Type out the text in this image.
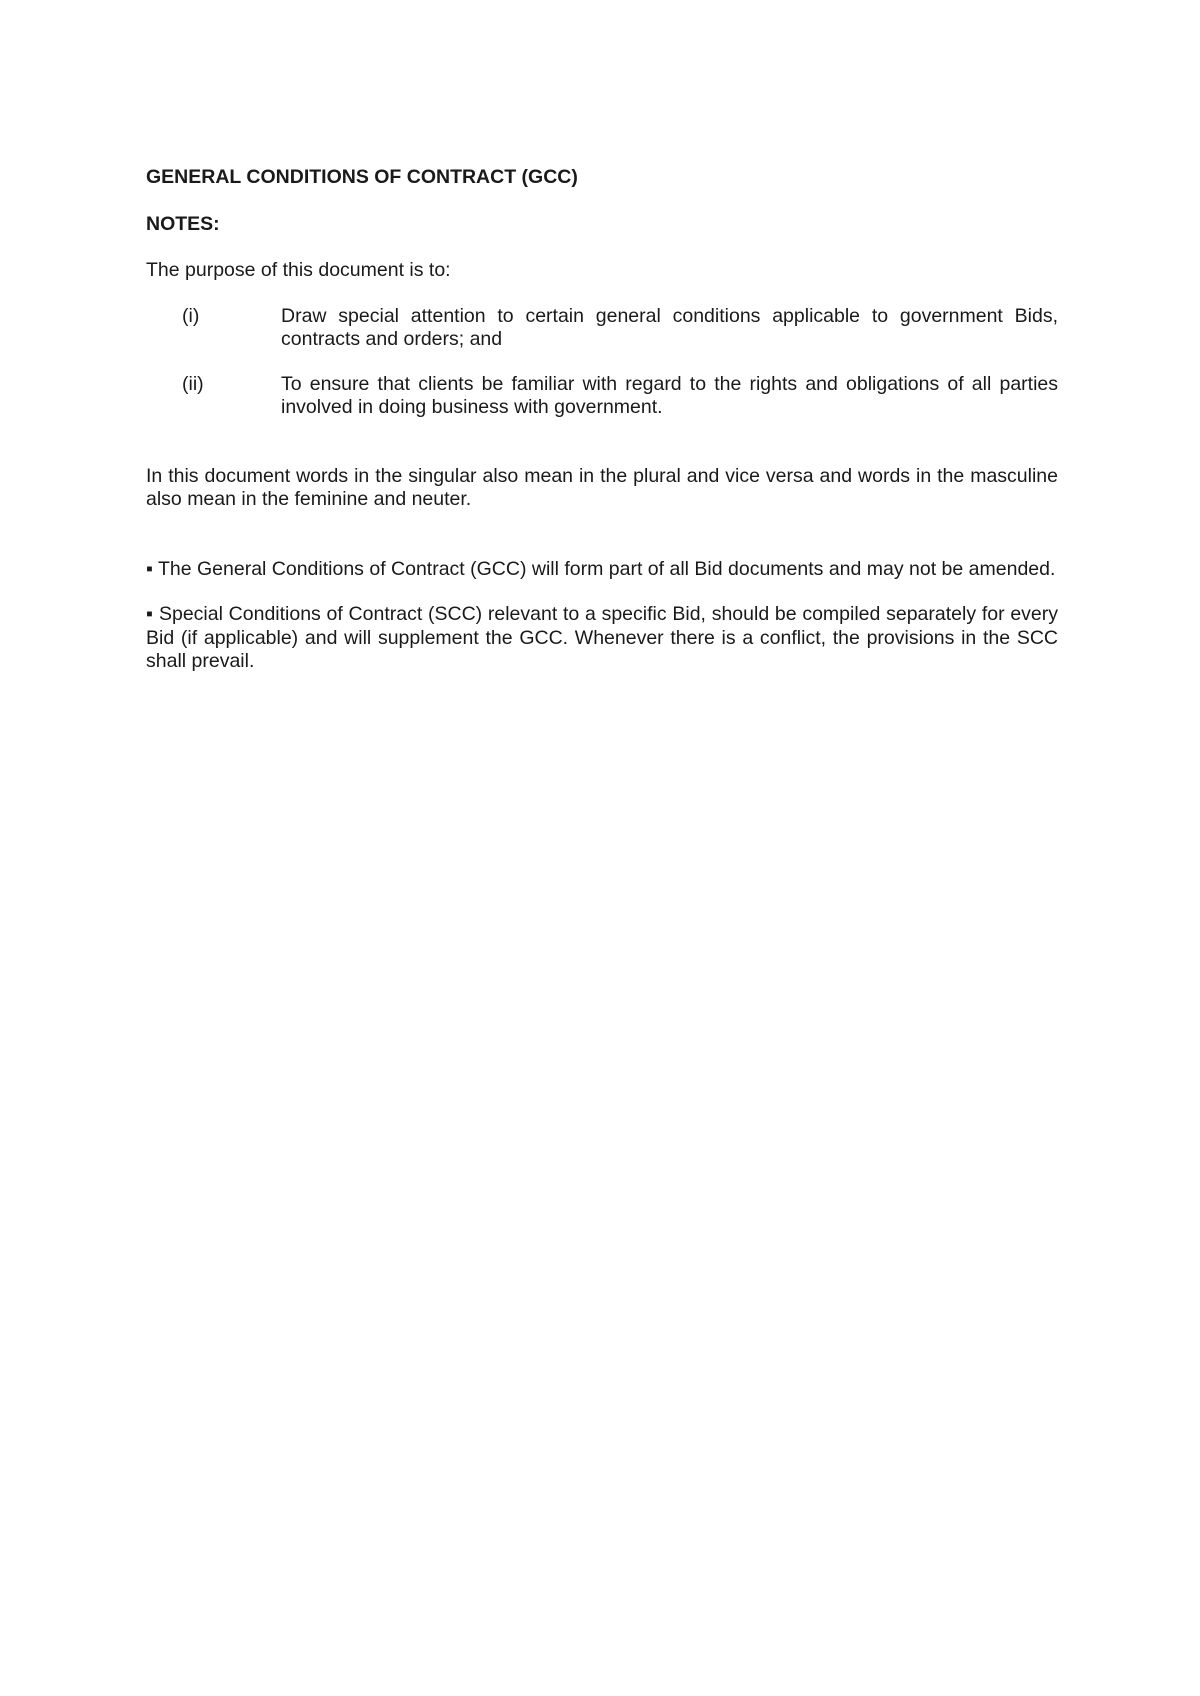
GENERAL CONDITIONS OF CONTRACT (GCC)
NOTES:
The purpose of this document is to:
(i)	Draw special attention to certain general conditions applicable to government Bids, contracts and orders; and
(ii)	To ensure that clients be familiar with regard to the rights and obligations of all parties involved in doing business with government.
In this document words in the singular also mean in the plural and vice versa and words in the masculine also mean in the feminine and neuter.
▪ The General Conditions of Contract (GCC) will form part of all Bid documents and may not be amended.
▪ Special Conditions of Contract (SCC) relevant to a specific Bid, should be compiled separately for every Bid (if applicable) and will supplement the GCC. Whenever there is a conflict, the provisions in the SCC shall prevail.
